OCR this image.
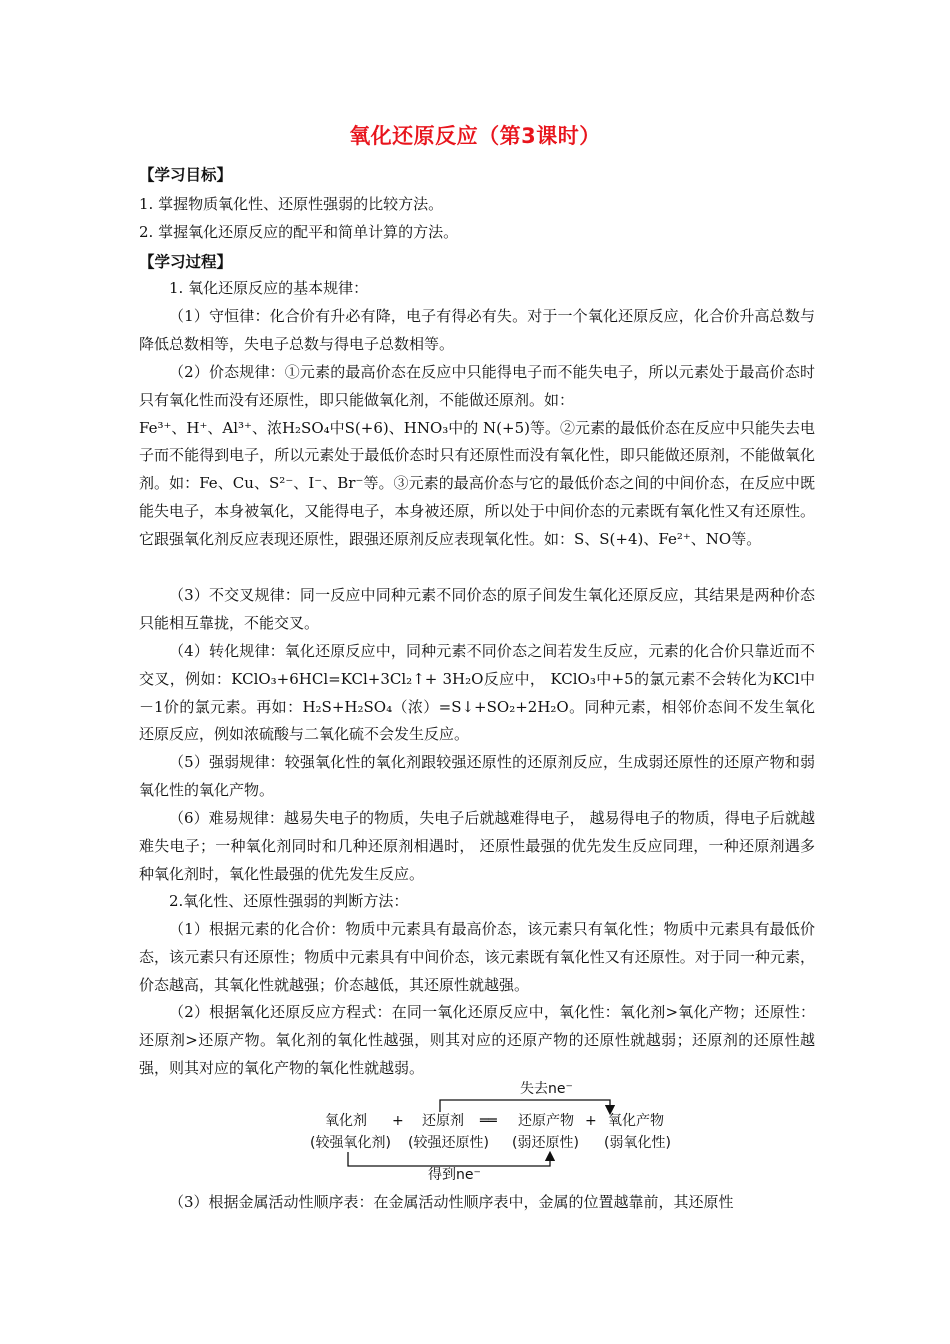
氧化还原反应（第3课时）
【学习目标】
1. 掌握物质氧化性、还原性强弱的比较方法。
2. 掌握氧化还原反应的配平和简单计算的方法。
【学习过程】
1. 氧化还原反应的基本规律：
（1）守恒律：化合价有升必有降，电子有得必有失。对于一个氧化还原反应，化合价升高总数与降低总数相等，失电子总数与得电子总数相等。
（2）价态规律：①元素的最高价态在反应中只能得电子而不能失电子，所以元素处于最高价态时只有氧化性而没有还原性，即只能做氧化剂，不能做还原剂。如：
Fe³⁺、H⁺、Al³⁺、浓H₂SO₄中S(+6)、HNO₃中的 N(+5)等。②元素的最低价态在反应中只能失去电子而不能得到电子，所以元素处于最低价态时只有还原性而没有氧化性，即只能做还原剂，不能做氧化剂。如：Fe、Cu、S²⁻、I⁻、Br⁻等。③元素的最高价态与它的最低价态之间的中间价态，在反应中既能失电子，本身被氧化，又能得电子，本身被还原，所以处于中间价态的元素既有氧化性又有还原性。它跟强氧化剂反应表现还原性，跟强还原剂反应表现氧化性。如：S、S(+4)、Fe²⁺、NO等。
（3）不交叉规律：同一反应中同种元素不同价态的原子间发生氧化还原反应，其结果是两种价态只能相互靠拢，不能交叉。
（4）转化规律：氧化还原反应中，同种元素不同价态之间若发生反应，元素的化合价只靠近而不交叉，例如：KClO₃+6HCl=KCl+3Cl₂↑+ 3H₂O反应中， KClO₃中+5的氯元素不会转化为KCl中－1价的氯元素。再如：H₂S+H₂SO₄（浓）=S↓+SO₂+2H₂O。同种元素，相邻价态间不发生氧化还原反应，例如浓硫酸与二氧化硫不会发生反应。
（5）强弱规律：较强氧化性的氧化剂跟较强还原性的还原剂反应，生成弱还原性的还原产物和弱氧化性的氧化产物。
（6）难易规律：越易失电子的物质，失电子后就越难得电子， 越易得电子的物质，得电子后就越难失电子；一种氧化剂同时和几种还原剂相遇时， 还原性最强的优先发生反应同理，一种还原剂遇多种氧化剂时，氧化性最强的优先发生反应。
2.氧化性、还原性强弱的判断方法：
（1）根据元素的化合价：物质中元素具有最高价态，该元素只有氧化性；物质中元素具有最低价态，该元素只有还原性；物质中元素具有中间价态，该元素既有氧化性又有还原性。对于同一种元素，价态越高，其氧化性就越强；价态越低，其还原性就越强。
（2）根据氧化还原反应方程式：在同一氧化还原反应中，氧化性：氧化剂>氧化产物；还原性：还原剂>还原产物。氧化剂的氧化性越强，则其对应的还原产物的还原性就越弱；还原剂的还原性越强，则其对应的氧化产物的氧化性就越弱。
失去ne⁻
氧化剂 + 还原剂 ══ 还原产物 + 氧化产物
(较强氧化剂) (较强还原性) (弱还原性) (弱氧化性)
得到ne⁻
（3）根据金属活动性顺序表：在金属活动性顺序表中，金属的位置越靠前，其还原性
